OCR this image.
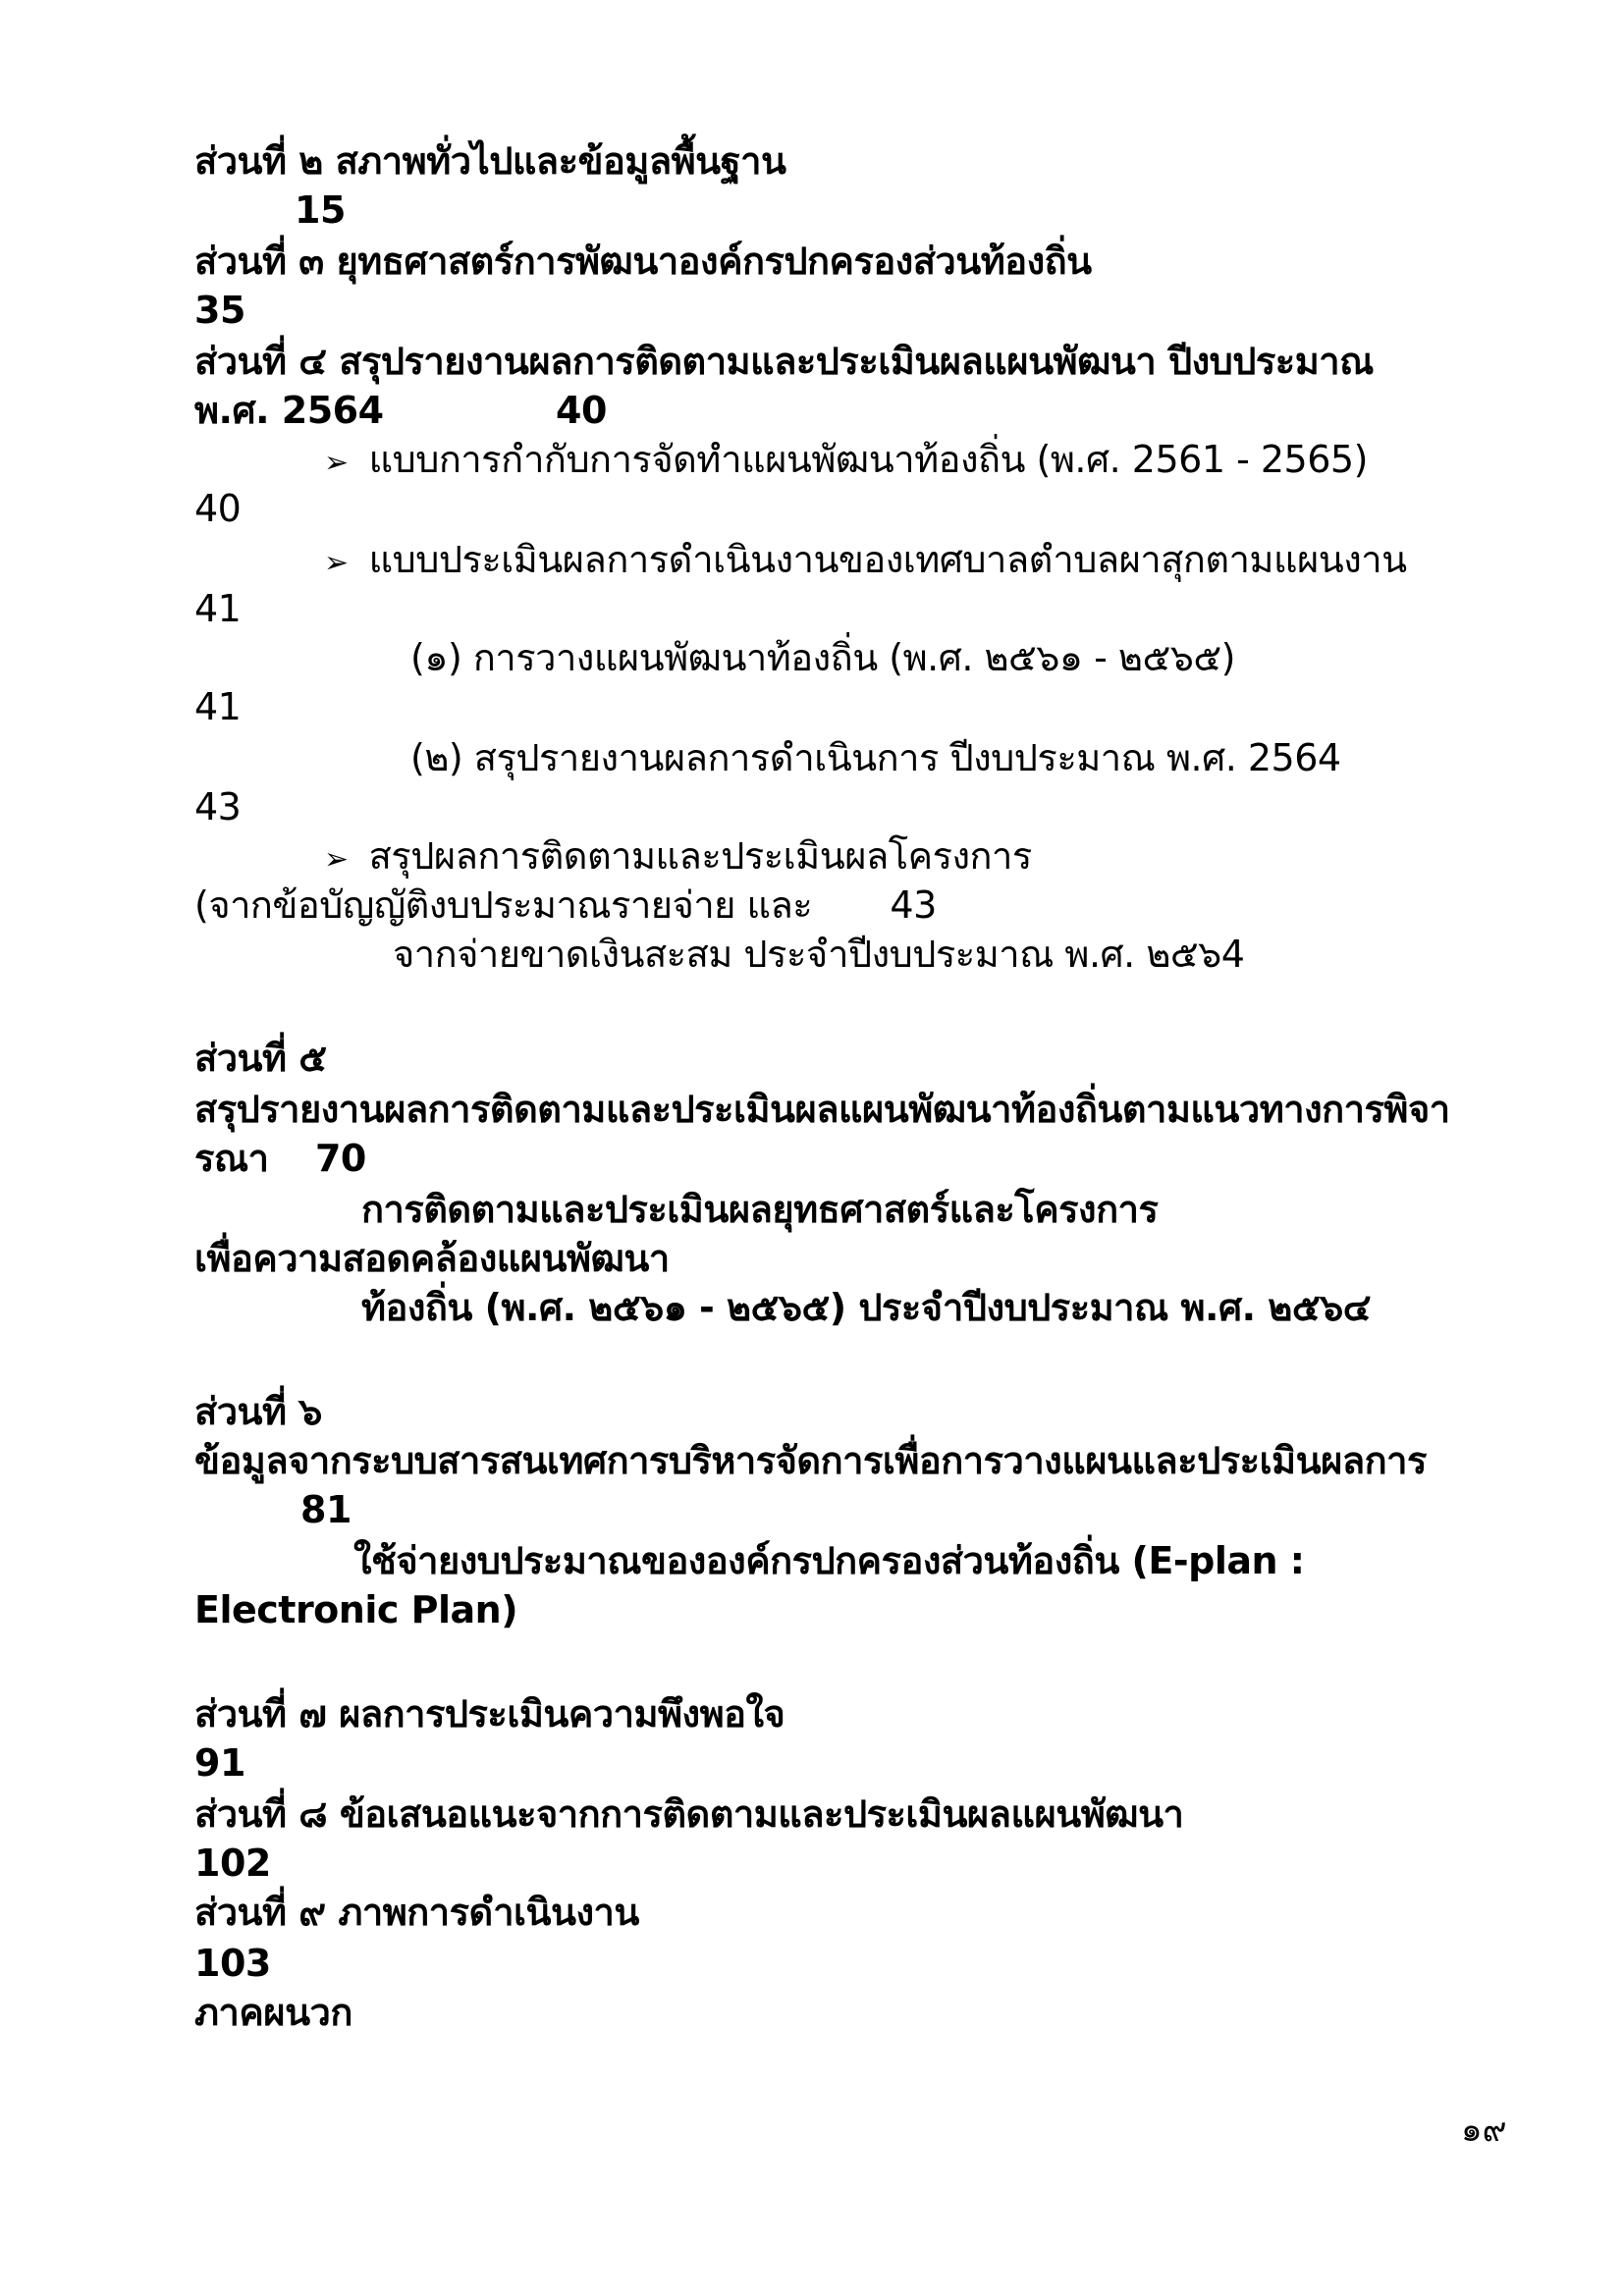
ส่วนที่ ๒ สภาพทั่วไปและข้อมูลพื้นฐาน
15
ส่วนที่ ๓ ยุทธศาสตร์การพัฒนาองค์กรปกครองส่วนท้องถิ่น
35
ส่วนที่ ๔ สรุปรายงานผลการติดตามและประเมินผลแผนพัฒนา ปีงบประมาณ
พ.ศ. 2564	40
➢ แบบการกำกับการจัดทำแผนพัฒนาท้องถิ่น (พ.ศ. 2561 - 2565)
40
➢ แบบประเมินผลการดำเนินงานของเทศบาลตำบลผาสุกตามแผนงาน
41
(๑) การวางแผนพัฒนาท้องถิ่น (พ.ศ. ๒๕๖๑ - ๒๕๖๕)
41
(๒) สรุปรายงานผลการดำเนินการ ปีงบประมาณ พ.ศ. 2564
43
➢ สรุปผลการติดตามและประเมินผลโครงการ
(จากข้อบัญญัติงบประมาณรายจ่าย และ 43
จากจ่ายขาดเงินสะสม ประจำปีงบประมาณ พ.ศ. ๒๕๖4
ส่วนที่ ๕
สรุปรายงานผลการติดตามและประเมินผลแผนพัฒนาท้องถิ่นตามแนวทางการพิจา
รณา 70
การติดตามและประเมินผลยุทธศาสตร์และโครงการ
เพื่อความสอดคล้องแผนพัฒนา
ท้องถิ่น (พ.ศ. ๒๕๖๑ - ๒๕๖๕) ประจำปีงบประมาณ พ.ศ. ๒๕๖๔
ส่วนที่ ๖
ข้อมูลจากระบบสารสนเทศการบริหารจัดการเพื่อการวางแผนและประเมินผลการ
81
ใช้จ่ายงบประมาณขององค์กรปกครองส่วนท้องถิ่น (E-plan :
Electronic Plan)
ส่วนที่ ๗ ผลการประเมินความพึงพอใจ
91
ส่วนที่ ๘ ข้อเสนอแนะจากการติดตามและประเมินผลแผนพัฒนา
102
ส่วนที่ ๙ ภาพการดำเนินงาน
103
ภาคผนวก
๑๙
